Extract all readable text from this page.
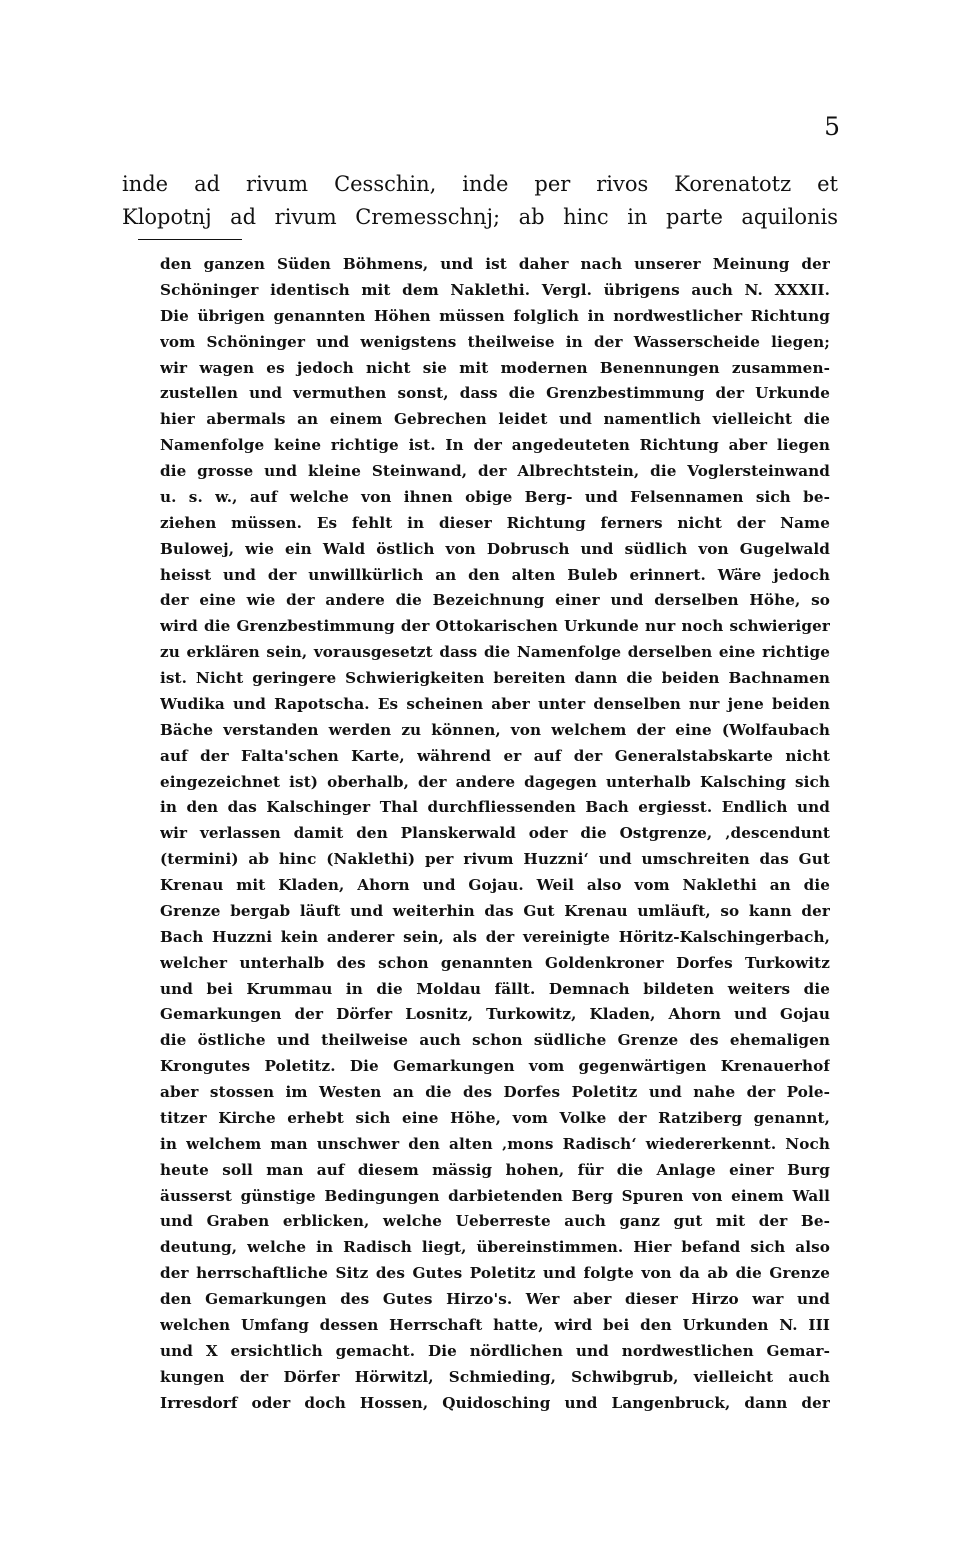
5
inde ad rivum Cesschin, inde per rivos Korenatotz et
Klopotnj ad rivum Cremesschnj; ab hinc in parte aquilonis
den ganzen Süden Böhmens, und ist daher nach unserer Meinung der
Schöninger identisch mit dem Naklethi. Vergl. übrigens auch N. XXXII.
Die übrigen genannten Höhen müssen folglich in nordwestlicher Richtung
vom Schöninger und wenigstens theilweise in der Wasserscheide liegen;
wir wagen es jedoch nicht sie mit modernen Benennungen zusammen-
zustellen und vermuthen sonst, dass die Grenzbestimmung der Urkunde
hier abermals an einem Gebrechen leidet und namentlich vielleicht die
Namenfolge keine richtige ist. In der angedeuteten Richtung aber liegen
die grosse und kleine Steinwand, der Albrechtstein, die Voglersteinwand
u. s. w., auf welche von ihnen obige Berg- und Felsennamen sich be-
ziehen müssen. Es fehlt in dieser Richtung ferners nicht der Name
Bulowej, wie ein Wald östlich von Dobrusch und südlich von Gugelwald
heisst und der unwillkürlich an den alten Buleb erinnert. Wäre jedoch
der eine wie der andere die Bezeichnung einer und derselben Höhe, so
wird die Grenzbestimmung der Ottokarischen Urkunde nur noch schwieriger
zu erklären sein, vorausgesetzt dass die Namenfolge derselben eine richtige
ist. Nicht geringere Schwierigkeiten bereiten dann die beiden Bachnamen
Wudika und Rapotscha. Es scheinen aber unter denselben nur jene beiden
Bäche verstanden werden zu können, von welchem der eine (Wolfaubach
auf der Falta'schen Karte, während er auf der Generalstabskarte nicht
eingezeichnet ist) oberhalb, der andere dagegen unterhalb Kalsching sich
in den das Kalschinger Thal durchfliessenden Bach ergiesst. Endlich und
wir verlassen damit den Planskerwald oder die Ostgrenze, ‚descendunt
(termini) ab hinc (Naklethi) per rivum Huzzni‘ und umschreiten das Gut
Krenau mit Kladen, Ahorn und Gojau. Weil also vom Naklethi an die
Grenze bergab läuft und weiterhin das Gut Krenau umläuft, so kann der
Bach Huzzni kein anderer sein, als der vereinigte Höritz-Kalschingerbach,
welcher unterhalb des schon genannten Goldenkroner Dorfes Turkowitz
und bei Krummau in die Moldau fällt. Demnach bildeten weiters die
Gemarkungen der Dörfer Losnitz, Turkowitz, Kladen, Ahorn und Gojau
die östliche und theilweise auch schon südliche Grenze des ehemaligen
Krongutes Poletitz. Die Gemarkungen vom gegenwärtigen Krenauerhof
aber stossen im Westen an die des Dorfes Poletitz und nahe der Pole-
titzer Kirche erhebt sich eine Höhe, vom Volke der Ratziberg genannt,
in welchem man unschwer den alten ‚mons Radisch‘ wiedererkennt. Noch
heute soll man auf diesem mässig hohen, für die Anlage einer Burg
äusserst günstige Bedingungen darbietenden Berg Spuren von einem Wall
und Graben erblicken, welche Ueberreste auch ganz gut mit der Be-
deutung, welche in Radisch liegt, übereinstimmen. Hier befand sich also
der herrschaftliche Sitz des Gutes Poletitz und folgte von da ab die Grenze
den Gemarkungen des Gutes Hirzo's. Wer aber dieser Hirzo war und
welchen Umfang dessen Herrschaft hatte, wird bei den Urkunden N. III
und X ersichtlich gemacht. Die nördlichen und nordwestlichen Gemar-
kungen der Dörfer Hörwitzl, Schmieding, Schwibgrub, vielleicht auch
Irresdorf oder doch Hossen, Quidosching und Langenbruck, dann der
